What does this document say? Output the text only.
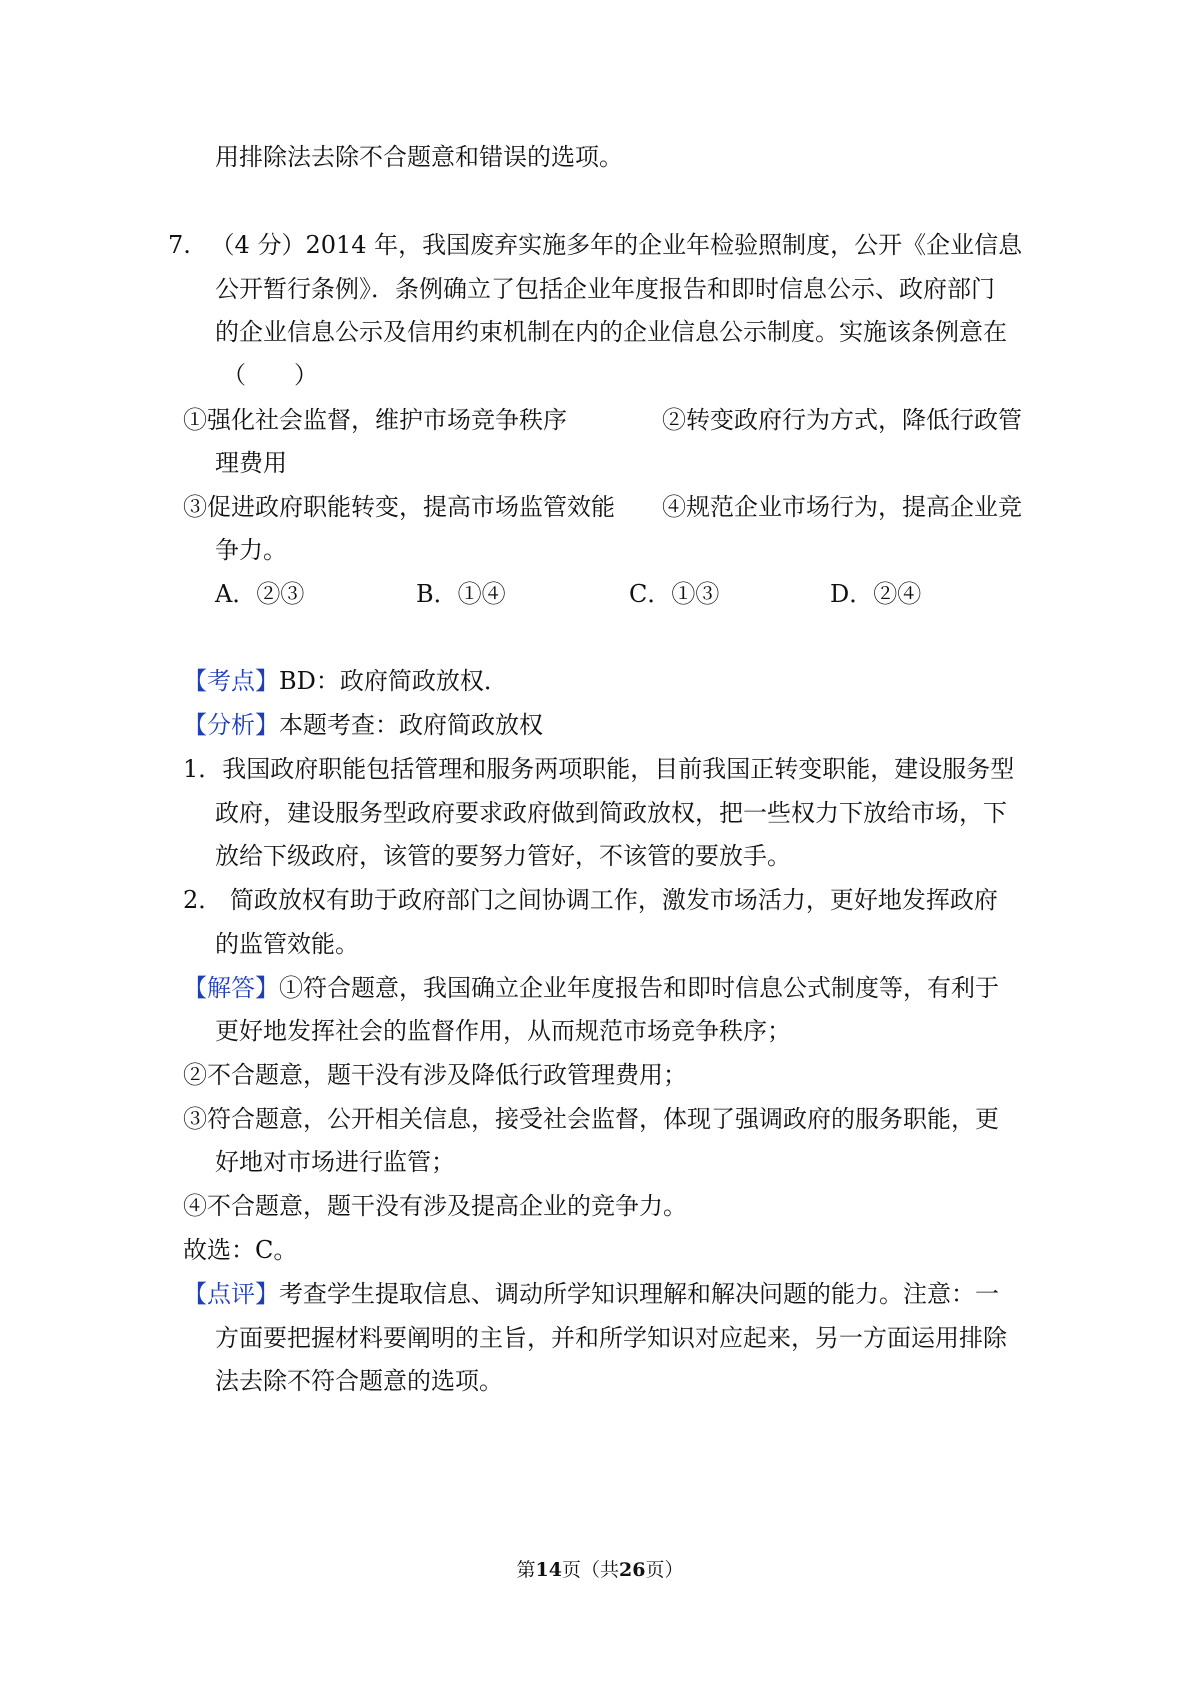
用排除法去除不合题意和错误的选项。
7. （4 分）2014 年，我国废弃实施多年的企业年检验照制度，公开《企业信息
公开暂行条例》．条例确立了包括企业年度报告和即时信息公示、政府部门
的企业信息公示及信用约束机制在内的企业信息公示制度。实施该条例意在
（　　）
①强化社会监督，维护市场竞争秩序	②转变政府行为方式，降低行政管
理费用
③促进政府职能转变，提高市场监管效能 ④规范企业市场行为，提高企业竞
争力。
A．②③	B．①④	C．①③	D．②④
【考点】BD：政府简政放权．
【分析】本题考查：政府简政放权
1．我国政府职能包括管理和服务两项职能，目前我国正转变职能，建设服务型
政府，建设服务型政府要求政府做到简政放权，把一些权力下放给市场，下
放给下级政府，该管的要努力管好，不该管的要放手。
2． 简政放权有助于政府部门之间协调工作，激发市场活力，更好地发挥政府
的监管效能。
【解答】①符合题意，我国确立企业年度报告和即时信息公式制度等，有利于
更好地发挥社会的监督作用，从而规范市场竞争秩序；
②不合题意，题干没有涉及降低行政管理费用；
③符合题意，公开相关信息，接受社会监督，体现了强调政府的服务职能，更
好地对市场进行监管；
④不合题意，题干没有涉及提高企业的竞争力。
故选：C。
【点评】考查学生提取信息、调动所学知识理解和解决问题的能力。注意：一
方面要把握材料要阐明的主旨，并和所学知识对应起来，另一方面运用排除
法去除不符合题意的选项。
第14页（共26页）
